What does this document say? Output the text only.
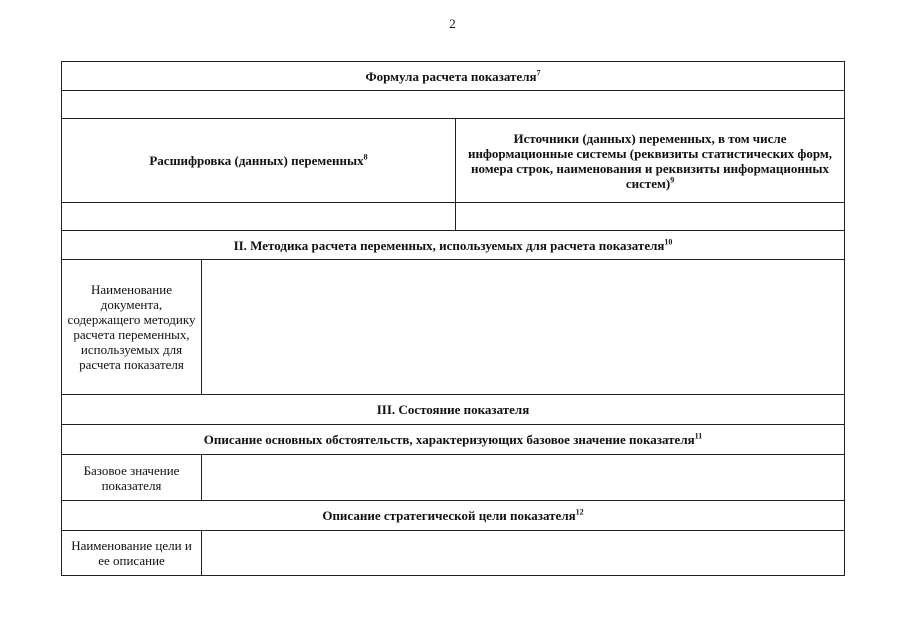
2
Формула расчета показателя$^7$

Расшифровка (данных) переменных$^8$		Источники (данных) переменных, в том числе информационные системы (реквизиты статистических форм, номера строк, наименования и реквизиты информационных систем)$^9$

II. Методика расчета переменных, используемых для расчета показателя$^{10}$
Наименование документа, содержащего методику расчета переменных, используемых для расчета показателя		
III. Состояние показателя		
Описание основных обстоятельств, характеризующих базовое значение показателя$^{11}$
Базовое значение показателя		
Описание стратегической цели показателя$^{12}$
Наименование цели и ее описание		
